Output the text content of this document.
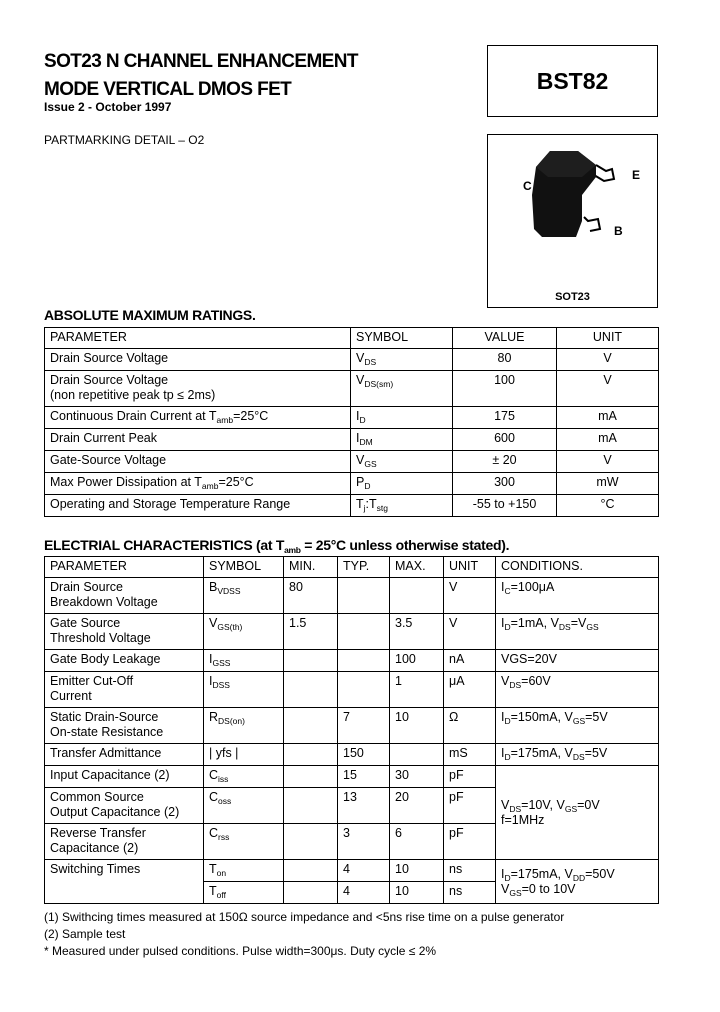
SOT23 N CHANNEL ENHANCEMENT
MODE VERTICAL DMOS FET
Issue 2 - October 1997
BST82
PARTMARKING DETAIL – O2
C
E
B
SOT23
ABSOLUTE MAXIMUM RATINGS.
PARAMETER	SYMBOL	VALUE	UNIT
Drain Source Voltage	$V_{DS}$	80	V

Drain Source Voltage
(non repetitive peak tp ≤ 2ms)	$V_{DS(sm)}$	100	V
Continuous Drain Current at $T_{amb}=25^\circ C$	$I_D$	175	mA
Drain Current Peak	$I_{DM}$	600	mA
Gate-Source Voltage	$V_{GS}$	± 20	V
Max Power Dissipation at $T_{amb}=25^\circ C$	$P_D$	300	mW
Operating and Storage Temperature Range	$T_j:T_{stg}$	-55 to +150	°C
ELECTRIAL CHARACTERISTICS (at $T_{amb} = 25^\circ C$ unless otherwise stated).
PARAMETER	SYMBOL	MIN.	TYP.	MAX.	UNIT	CONDITIONS.

Drain Source
Breakdown Voltage	$B_{VDSS}$	80			V	$I_C=100\mu A$

Gate Source
Threshold Voltage	$V_{GS(th)}$	1.5		3.5	V	$I_D=1mA$, $V_{DS}=V_{GS}$
Gate Body Leakage	$I_{GSS}$			100	nA	VGS=20V

Emitter Cut-Off
Current	$I_{DSS}$			1	μA	$V_{DS}=60V$

Static Drain-Source
On-state Resistance	$R_{DS(on)}$		7	10	Ω	$I_D=150mA$, $V_{GS}=5V$
Transfer Admittance	| yfs |		150		mS	$I_D=175mA$, $V_{DS}=5V$
Input Capacitance (2)	$C_{iss}$		15	30	pF	$V_{DS}=10V$, $V_{GS}=0V$
f=1MHz

Common Source
Output Capacitance (2)	$C_{oss}$		13	20	pF	

Reverse Transfer
Capacitance (2)	$C_{rss}$		3	6	pF	
Switching Times	$T_{on}$		4	10	ns	$I_D=175mA$, $V_{DD}=50V$
$V_{GS}=0$ to 10V

	$T_{off}$		4	10	ns	
(1) Swithcing times measured at 150Ω source impedance and <5ns rise time on a pulse generator
(2) Sample test
* Measured under pulsed conditions. Pulse width=300μs. Duty cycle ≤ 2%
